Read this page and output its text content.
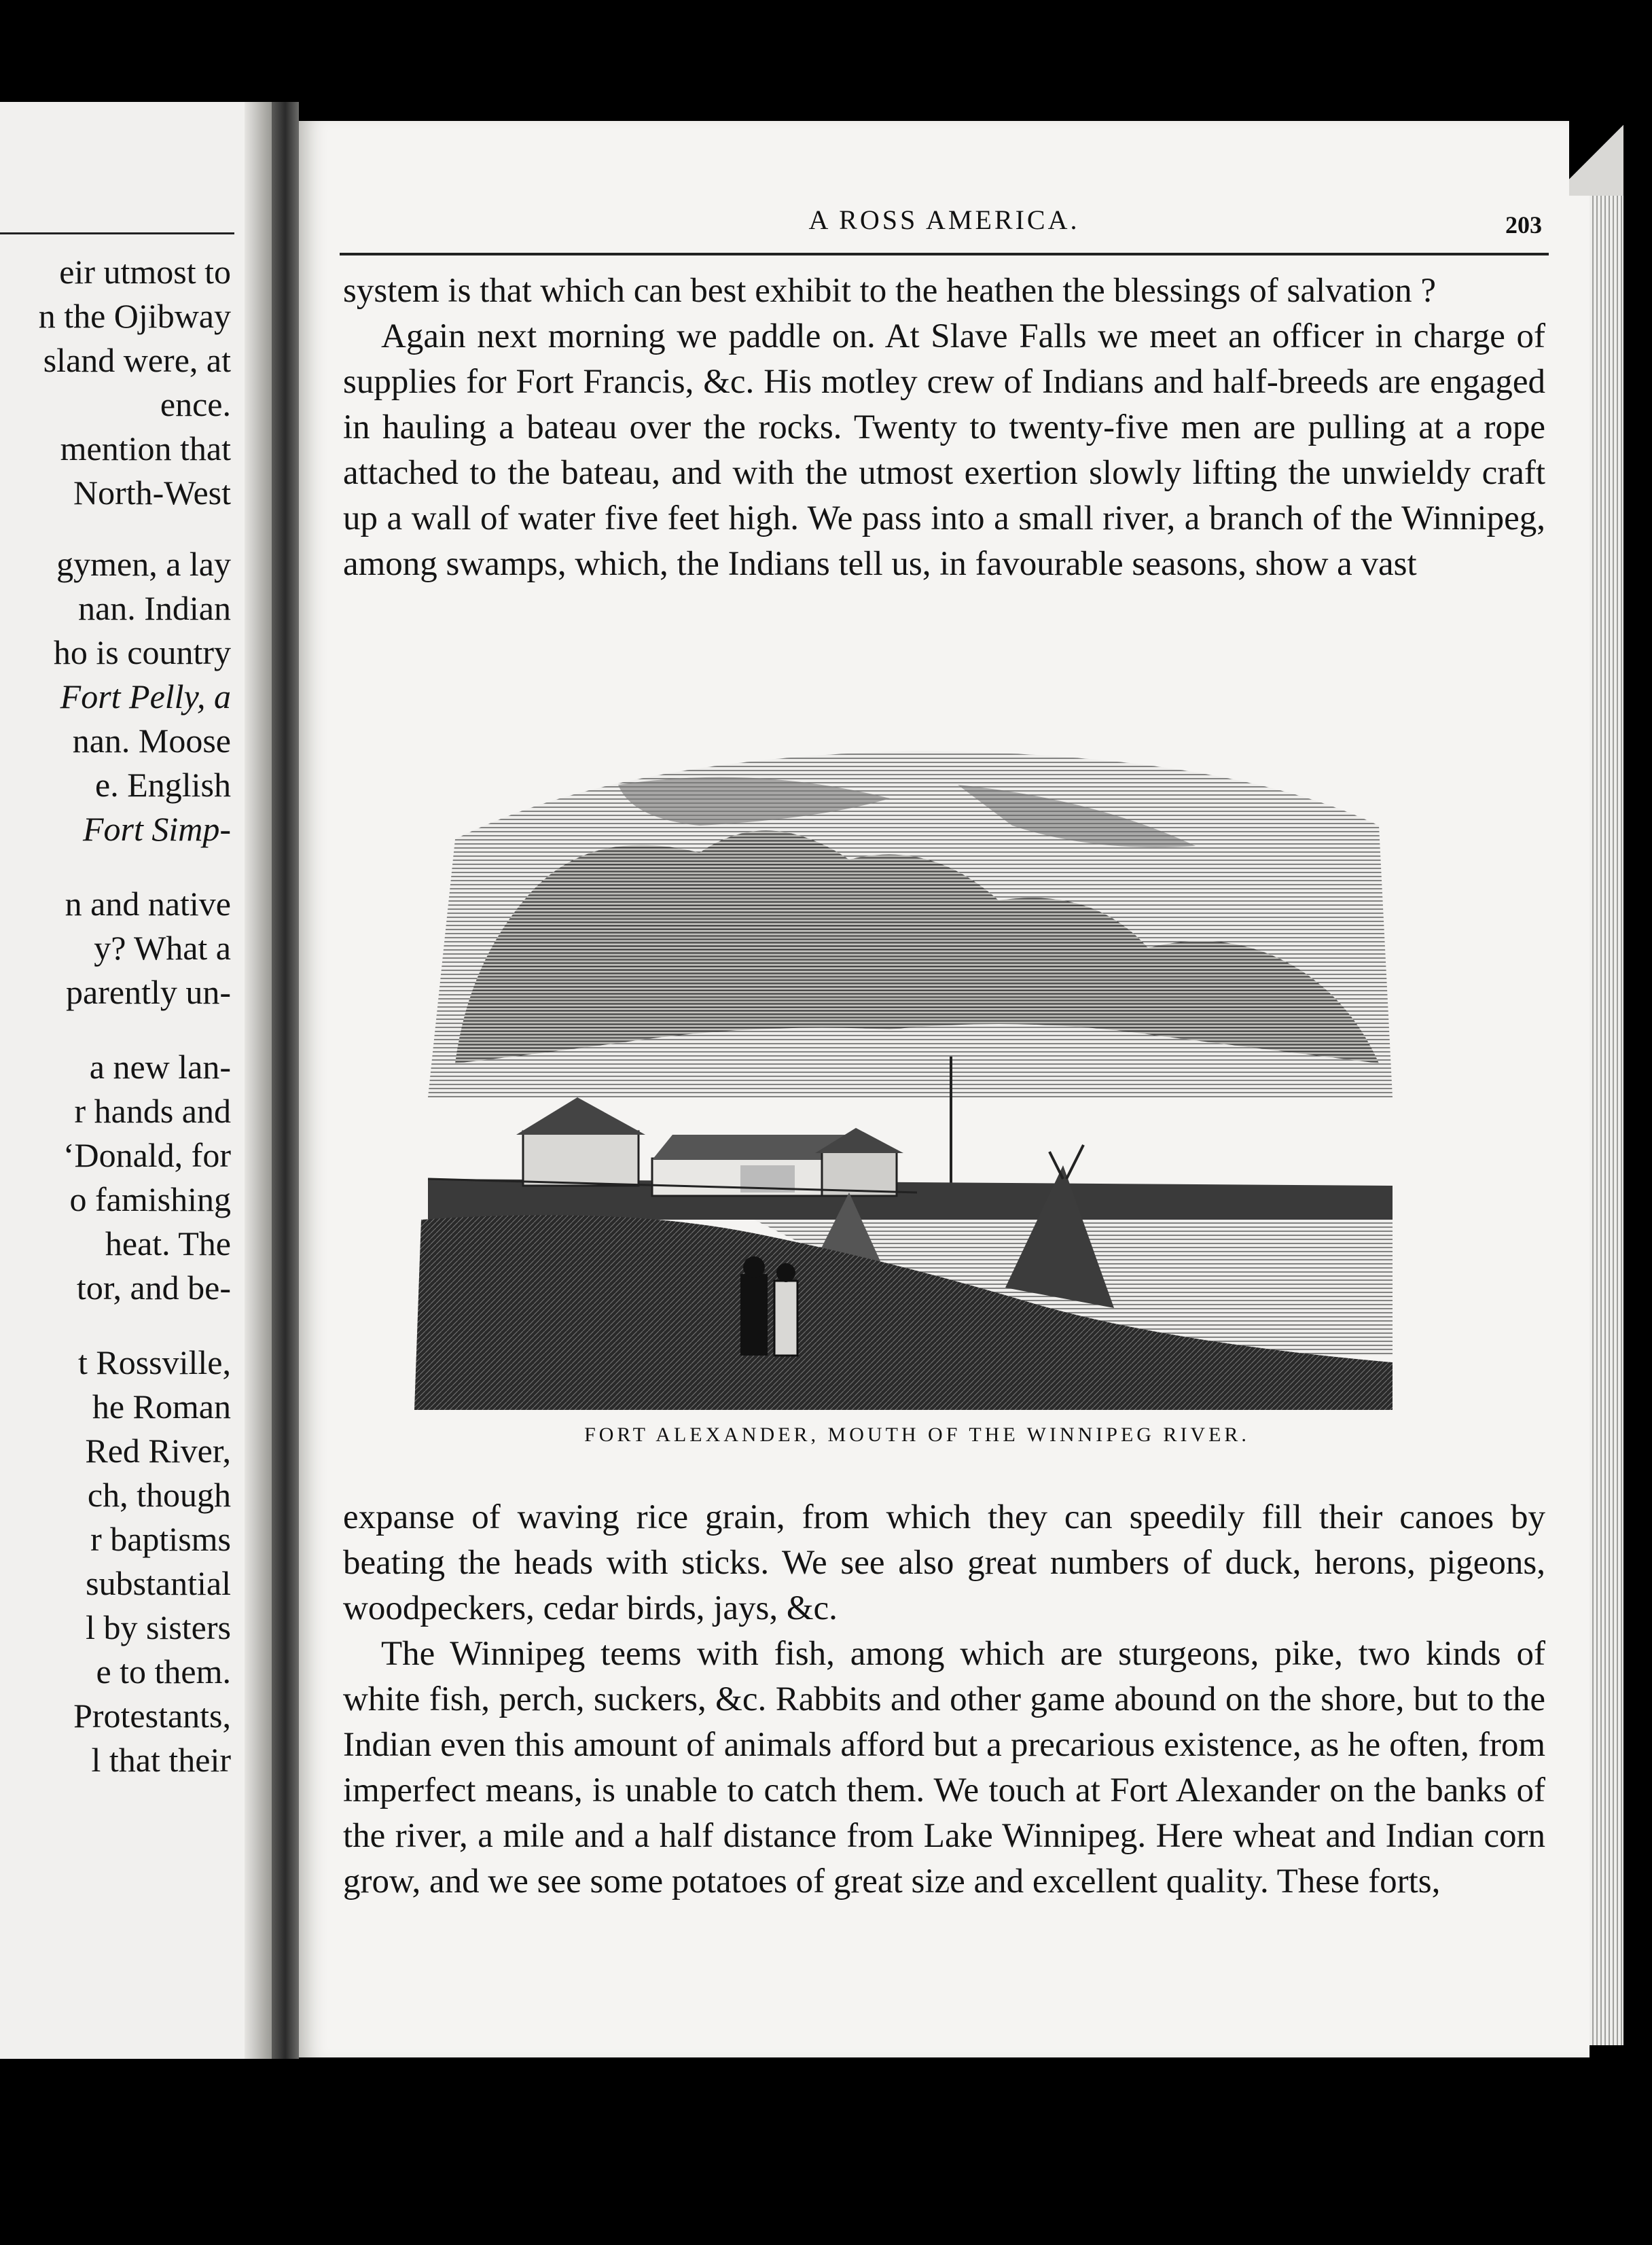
eir utmost to
n the Ojibway
sland were, at
ence.
mention that
North-West
gymen, a lay
nan. Indian
ho is country
Fort Pelly, a
nan. Moose
e. English
Fort Simp-
n and native
y? What a
parently un-
a new lan-
r hands and
‘Donald, for
o famishing
heat. The
tor, and be-
t Rossville,
he Roman
Red River,
ch, though
r baptisms
substantial
l by sisters
e to them.
Protestants,
l that their
A ROSS AMERICA.	203

system is that which can best exhibit to the heathen the blessings of salvation ?

Again next morning we paddle on. At Slave Falls we meet an officer in charge of supplies for Fort Francis, &c. His motley crew of Indians and half-breeds are engaged in hauling a bateau over the rocks. Twenty to twenty-five men are pulling at a rope attached to the bateau, and with the utmost exertion slowly lifting the unwieldy craft up a wall of water five feet high. We pass into a small river, a branch of the Winnipeg, among swamps, which, the Indians tell us, in favourable seasons, show a vast

FORT ALEXANDER, MOUTH OF THE WINNIPEG RIVER.

expanse of waving rice grain, from which they can speedily fill their canoes by beating the heads with sticks. We see also great numbers of duck, herons, pigeons, woodpeckers, cedar birds, jays, &c.

The Winnipeg teems with fish, among which are sturgeons, pike, two kinds of white fish, perch, suckers, &c. Rabbits and other game abound on the shore, but to the Indian even this amount of animals afford but a precarious existence, as he often, from imperfect means, is unable to catch them. We touch at Fort Alexander on the banks of the river, a mile and a half distance from Lake Winnipeg. Here wheat and Indian corn grow, and we see some potatoes of great size and excellent quality. These forts,
